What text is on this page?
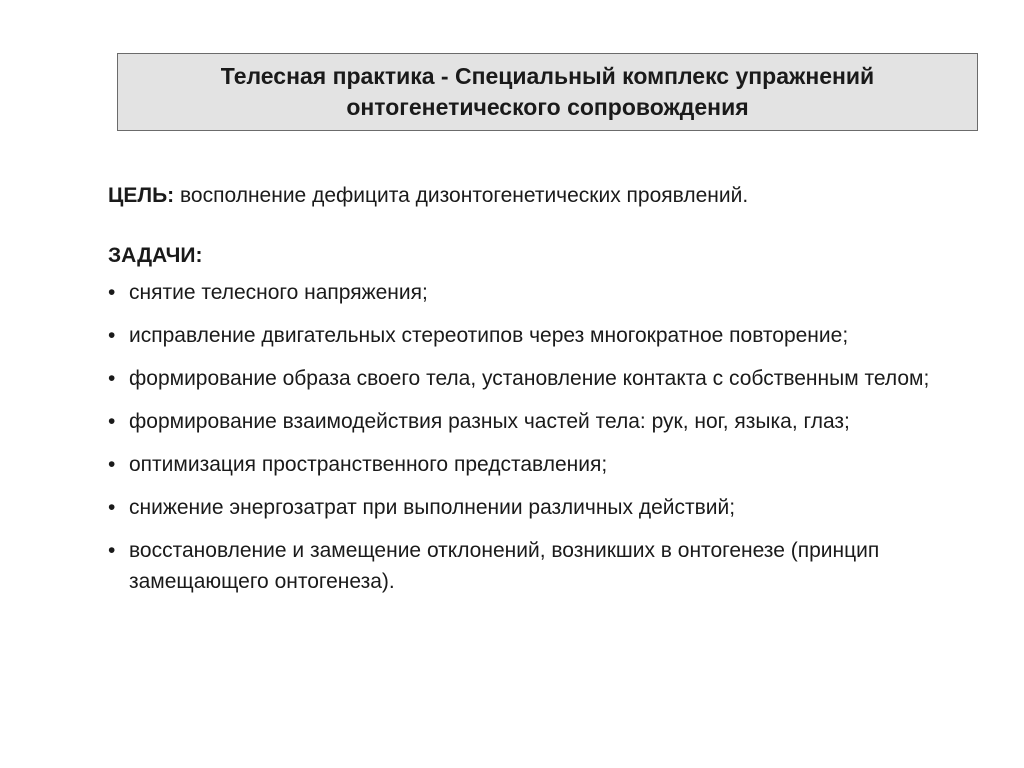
Телесная практика - Специальный комплекс упражнений онтогенетического сопровождения

ЦЕЛЬ: восполнение дефицита дизонтогенетических проявлений.

ЗАДАЧИ:

• снятие телесного напряжения;
• исправление двигательных стереотипов через многократное повторение;
• формирование образа своего тела, установление контакта с собственным телом;
• формирование взаимодействия разных частей тела: рук, ног, языка, глаз;
• оптимизация пространственного представления;
• снижение энергозатрат при выполнении различных действий;
• восстановление и замещение отклонений, возникших в онтогенезе (принцип замещающего онтогенеза).
